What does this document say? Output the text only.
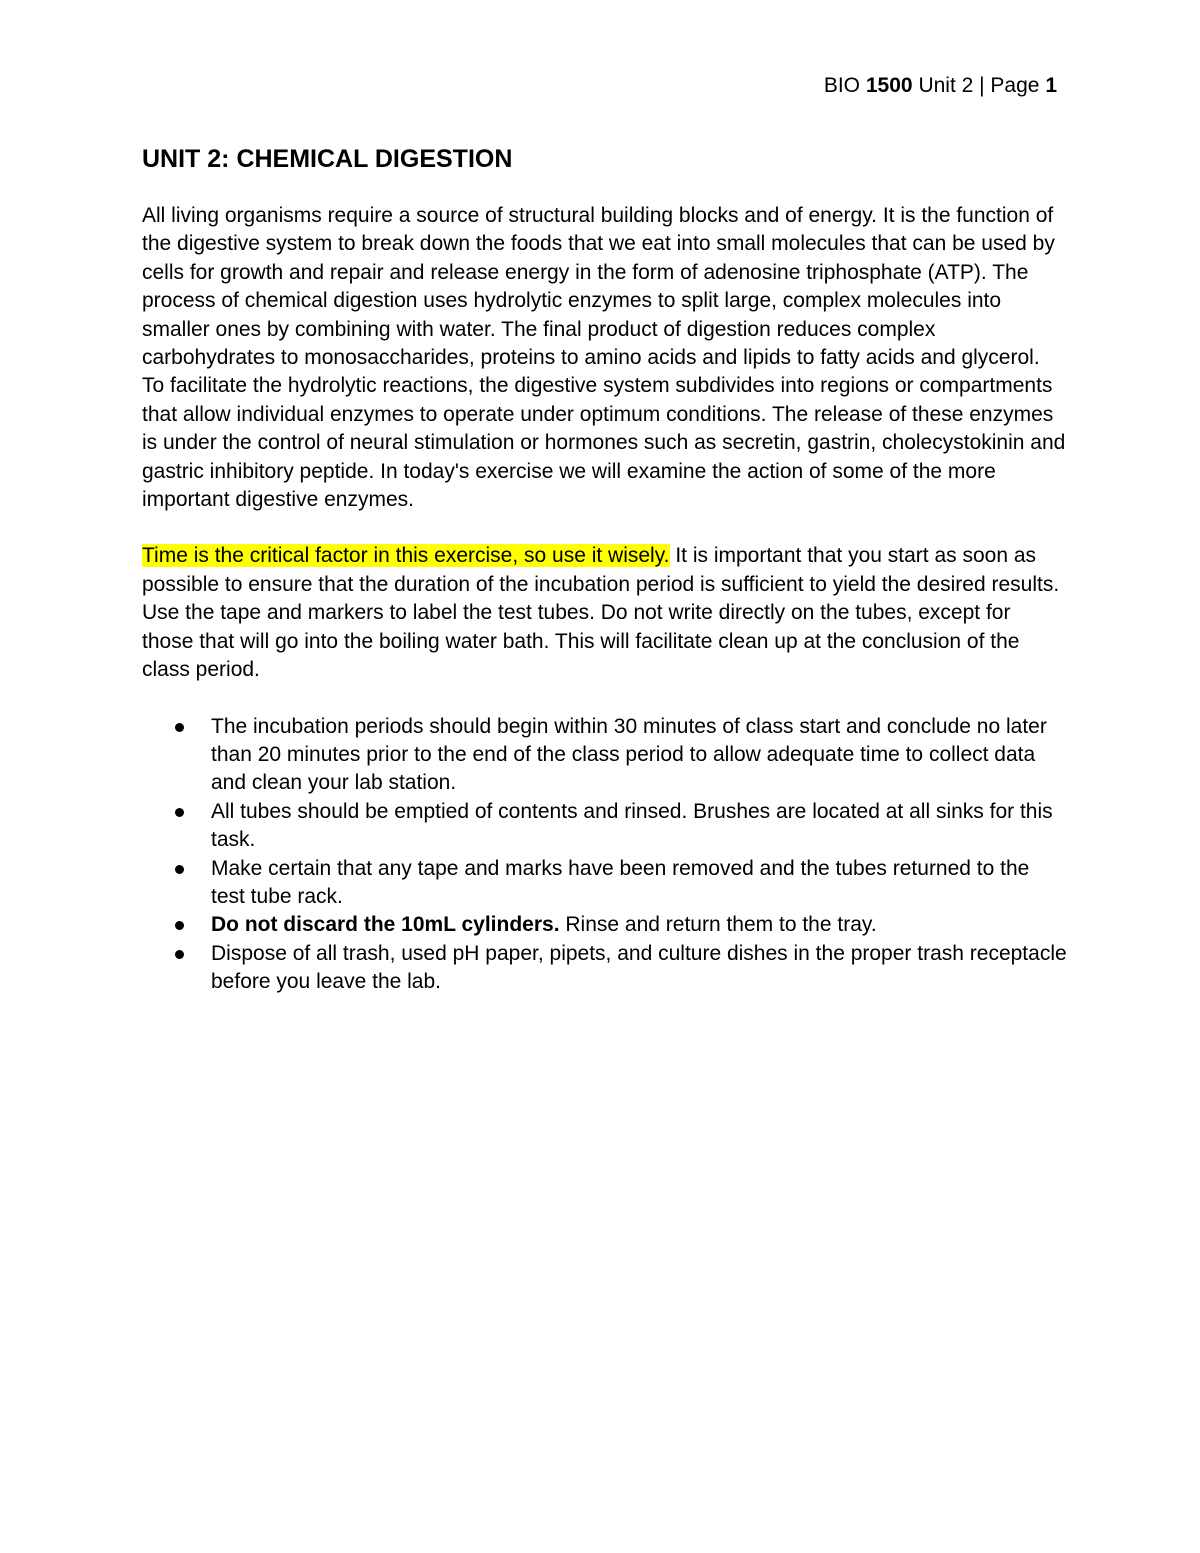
BIO 1500 Unit 2 | Page 1
UNIT 2: CHEMICAL DIGESTION

All living organisms require a source of structural building blocks and of energy. It is the function of the digestive system to break down the foods that we eat into small molecules that can be used by cells for growth and repair and release energy in the form of adenosine triphosphate (ATP). The process of chemical digestion uses hydrolytic enzymes to split large, complex molecules into smaller ones by combining with water. The final product of digestion reduces complex carbohydrates to monosaccharides, proteins to amino acids and lipids to fatty acids and glycerol. To facilitate the hydrolytic reactions, the digestive system subdivides into regions or compartments that allow individual enzymes to operate under optimum conditions. The release of these enzymes is under the control of neural stimulation or hormones such as secretin, gastrin, cholecystokinin and gastric inhibitory peptide. In today's exercise we will examine the action of some of the more important digestive enzymes.

Time is the critical factor in this exercise, so use it wisely. It is important that you start as soon as possible to ensure that the duration of the incubation period is sufficient to yield the desired results. Use the tape and markers to label the test tubes. Do not write directly on the tubes, except for those that will go into the boiling water bath. This will facilitate clean up at the conclusion of the class period.

The incubation periods should begin within 30 minutes of class start and conclude no later than 20 minutes prior to the end of the class period to allow adequate time to collect data and clean your lab station.
All tubes should be emptied of contents and rinsed. Brushes are located at all sinks for this task.
Make certain that any tape and marks have been removed and the tubes returned to the test tube rack.
Do not discard the 10mL cylinders. Rinse and return them to the tray.
Dispose of all trash, used pH paper, pipets, and culture dishes in the proper trash receptacle before you leave the lab.
